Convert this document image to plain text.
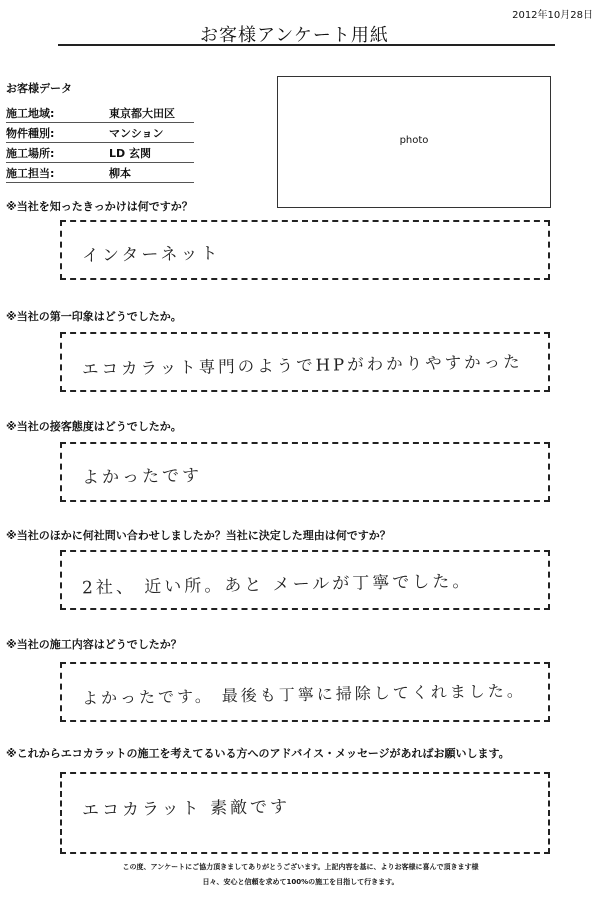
2012年10月28日
お客様アンケート用紙
お客様データ
施工地域:	東京都大田区
物件種別:	マンション
施工場所:	LD 玄関
施工担当:	柳本
photo
※当社を知ったきっかけは何ですか？
インターネット
※当社の第一印象はどうでしたか。
エコカラット専門のようでHPがわかりやすかった
※当社の接客態度はどうでしたか。
よかったです
※当社のほかに何社問い合わせしましたか？当社に決定した理由は何ですか？
2社、 近い所。あと メールが丁寧でした。
※当社の施工内容はどうでしたか？
よかったです。 最後も丁寧に掃除してくれました。
※これからエコカラットの施工を考えてるいる方へのアドバイス・メッセージがあればお願いします。
エコカラット 素敵です
この度、アンケートにご協力頂きましてありがとうございます。上記内容を基に、よりお客様に喜んで頂きます様
日々、安心と信頼を求めて100%の施工を目指して行きます。
